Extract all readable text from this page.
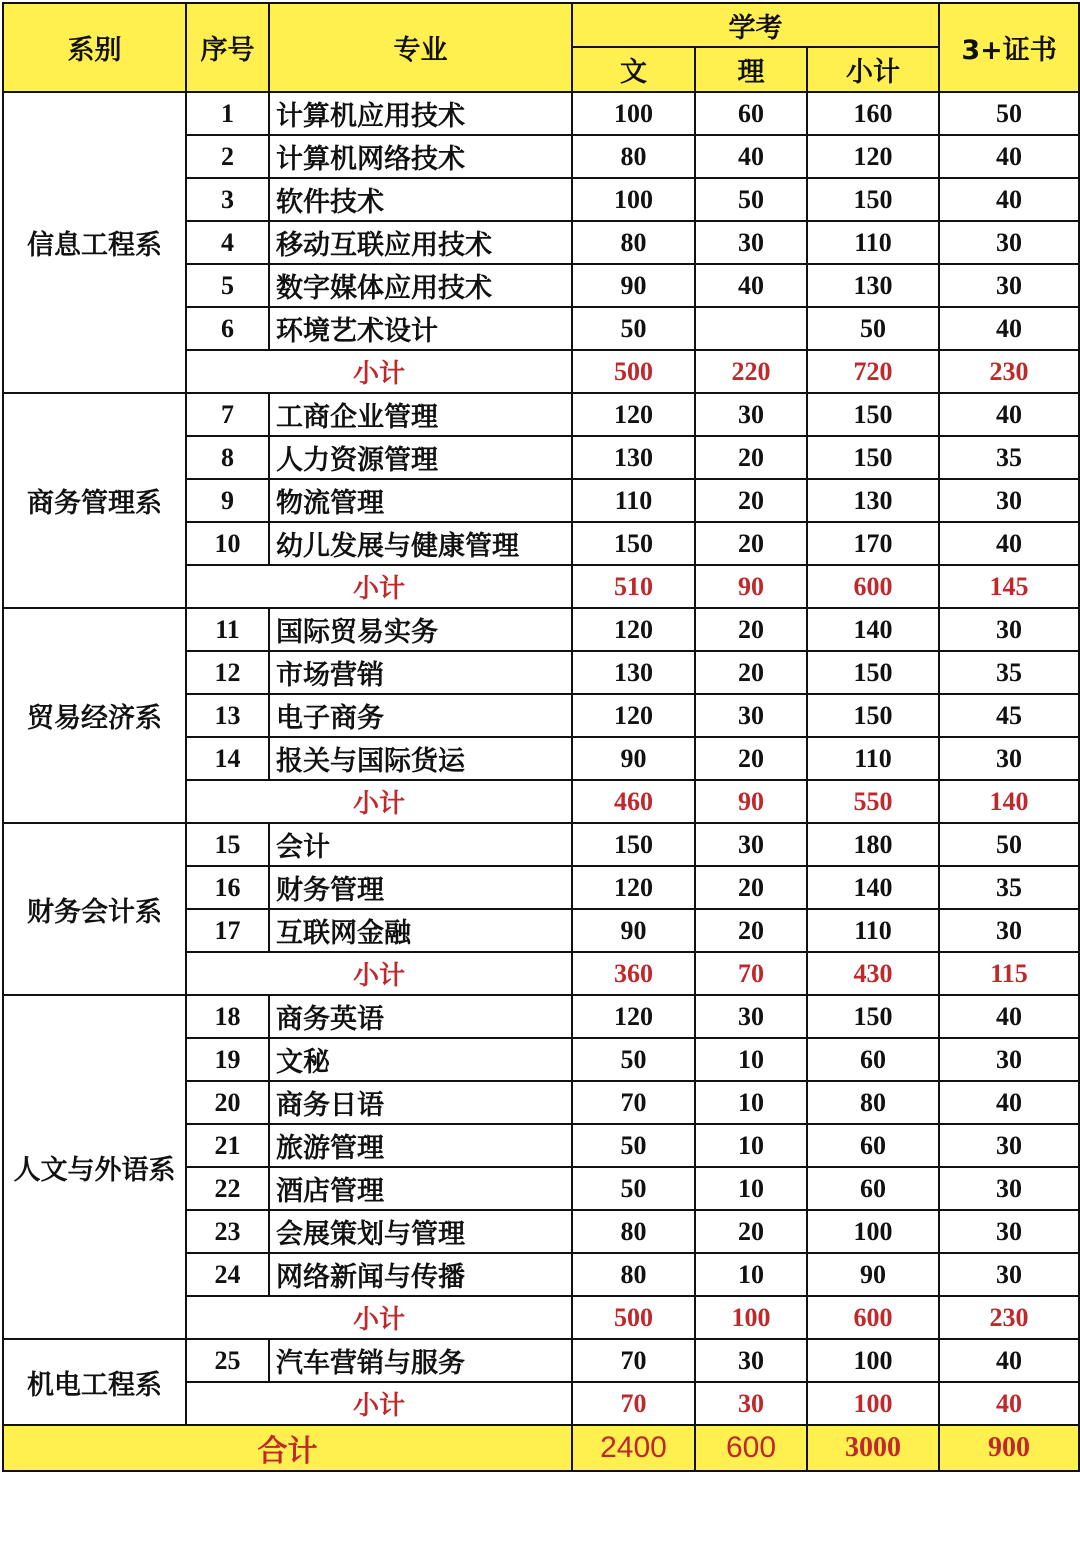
系别	序号	专业	学考			3+证书
			文	理	小计	
信息工程系	1	计算机应用技术	100	60	160	50
	2	计算机网络技术	80	40	120	40
	3	软件技术	100	50	150	40
	4	移动互联应用技术	80	30	110	30
	5	数字媒体应用技术	90	40	130	30
	6	环境艺术设计	50		50	40
	小计		500	220	720	230
商务管理系	7	工商企业管理	120	30	150	40
	8	人力资源管理	130	20	150	35
	9	物流管理	110	20	130	30
	10	幼儿发展与健康管理	150	20	170	40
	小计		510	90	600	145
贸易经济系	11	国际贸易实务	120	20	140	30
	12	市场营销	130	20	150	35
	13	电子商务	120	30	150	45
	14	报关与国际货运	90	20	110	30
	小计		460	90	550	140
财务会计系	15	会计	150	30	180	50
	16	财务管理	120	20	140	35
	17	互联网金融	90	20	110	30
	小计		360	70	430	115
人文与外语系	18	商务英语	120	30	150	40
	19	文秘	50	10	60	30
	20	商务日语	70	10	80	40
	21	旅游管理	50	10	60	30
	22	酒店管理	50	10	60	30
	23	会展策划与管理	80	20	100	30
	24	网络新闻与传播	80	10	90	30
	小计		500	100	600	230
机电工程系	25	汽车营销与服务	70	30	100	40
	小计		70	30	100	40
合计			2400	600	3000	900
